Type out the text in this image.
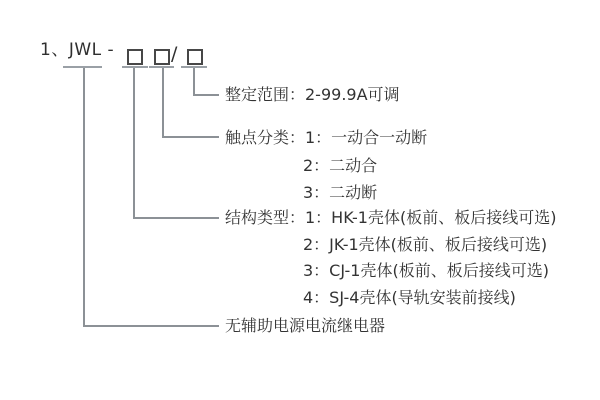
1、JWL -	/
整定范围：2-99.9A可调
触点分类：1：一动合一动断
2：二动合
3：二动断
结构类型：1：HK-1壳体(板前、板后接线可选)
2：JK-1壳体(板前、板后接线可选)
3：CJ-1壳体(板前、板后接线可选)
4：SJ-4壳体(导轨安装前接线)
无辅助电源电流继电器
